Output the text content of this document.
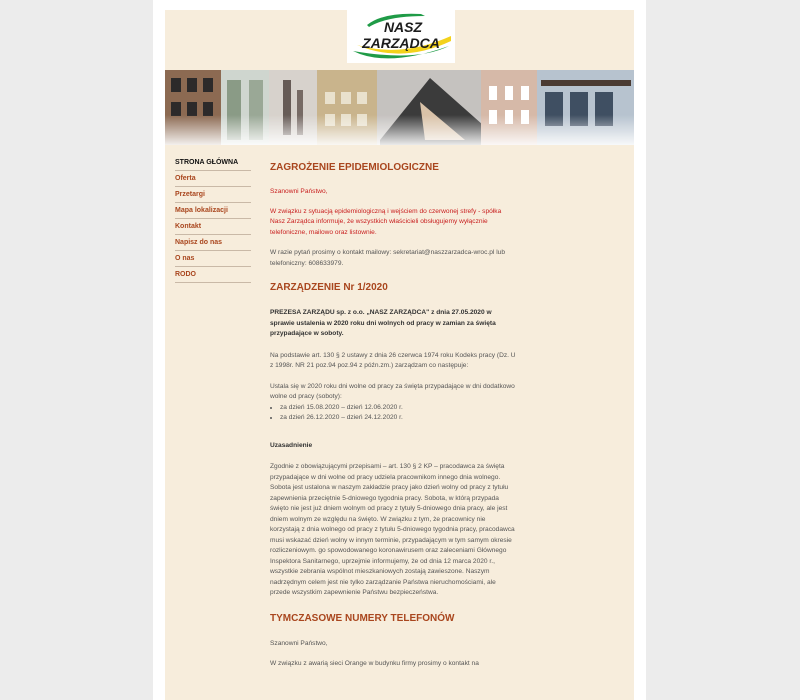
NASZ
ZARZĄDCA
STRONA GŁÓWNA
Oferta
Przetargi
Mapa lokalizacji
Kontakt
Napisz do nas
O nas
RODO
ZAGROŻENIE EPIDEMIOLOGICZNE

Szanowni Państwo,

W związku z sytuacją epidemiologiczną i wejściem do czerwonej strefy - spółka Nasz Zarządca informuje, że wszystkich właścicieli obsługujemy wyłącznie telefoniczne, mailowo oraz listownie.

W razie pytań prosimy o kontakt mailowy: sekretariat@naszzarzadca-wroc.pl lub telefoniczny: 608633979.

ZARZĄDZENIE Nr 1/2020

PREZESA ZARZĄDU sp. z o.o. „NASZ ZARZĄDCA" z dnia 27.05.2020 w sprawie ustalenia w 2020 roku dni wolnych od pracy w zamian za święta przypadające w soboty.

Na podstawie art. 130 § 2 ustawy z dnia 26 czerwca 1974 roku Kodeks pracy (Dz. U z 1998r. NR 21 poz.94 poz.94 z późn.zm.) zarządzam co następuje:

Ustala się w 2020 roku dni wolne od pracy za święta przypadające w dni dodatkowo wolne od pracy (soboty):

• za dzień 15.08.2020 – dzień 12.06.2020 r.
• za dzień 26.12.2020 – dzień 24.12.2020 r.

Uzasadnienie

Zgodnie z obowiązującymi przepisami – art. 130 § 2 KP – pracodawca za święta przypadające w dni wolne od pracy udziela pracownikom innego dnia wolnego. Sobota jest ustalona w naszym zakładzie pracy jako dzień wolny od pracy z tytułu zapewnienia przeciętnie 5-dniowego tygodnia pracy. Sobota, w którą przypada święto nie jest już dniem wolnym od pracy z tytuły 5-dniowego dnia pracy, ale jest dniem wolnym ze względu na święto. W związku z tym, że pracownicy nie korzystają z dnia wolnego od pracy z tytułu 5-dniowego tygodnia pracy, pracodawca musi wskazać dzień wolny w innym terminie, przypadającym w tym samym okresie rozliczeniowym. go spowodowanego koronawirusem oraz zaleceniami Głównego Inspektora Sanitarnego, uprzejmie informujemy, że od dnia 12 marca 2020 r., wszystkie zebrania wspólnot mieszkaniowych zostają zawieszone. Naszym nadrzędnym celem jest nie tylko zarządzanie Państwa nieruchomościami, ale przede wszystkim zapewnienie Państwu bezpieczeństwa.

TYMCZASOWE NUMERY TELEFONÓW

Szanowni Państwo,

W związku z awarią sieci Orange w budynku firmy prosimy o kontakt na
